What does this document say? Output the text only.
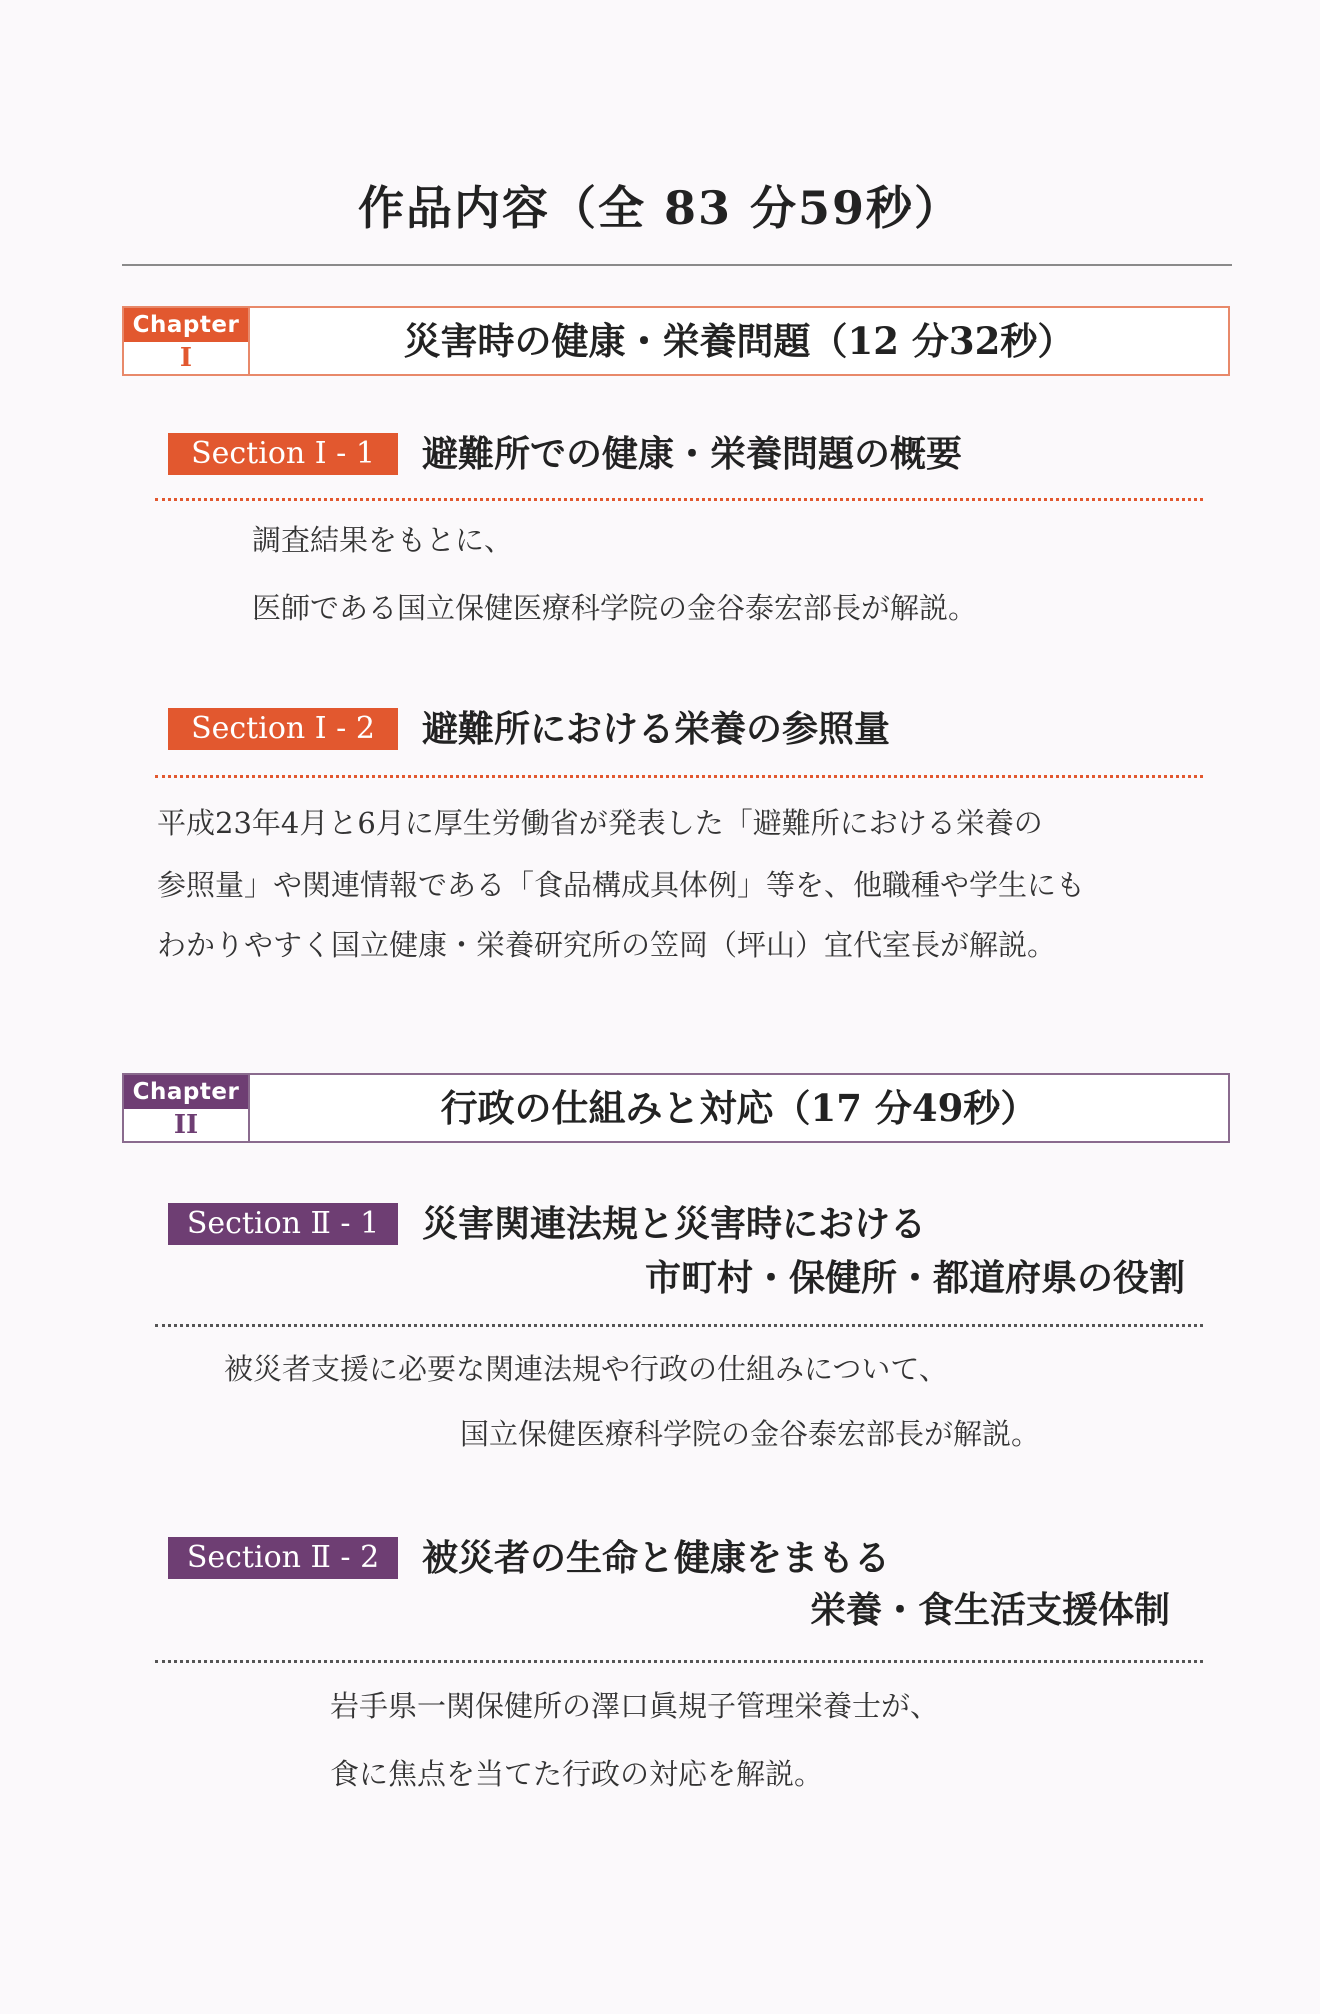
作品内容（全 83 分59秒）
Chapter
I	災害時の健康・栄養問題（12 分32秒）
Section Ⅰ - 1	避難所での健康・栄養問題の概要
調査結果をもとに、
医師である国立保健医療科学院の金谷泰宏部長が解説。
Section Ⅰ - 2	避難所における栄養の参照量
平成23年4月と6月に厚生労働省が発表した「避難所における栄養の
参照量」や関連情報である「食品構成具体例」等を、他職種や学生にも
わかりやすく国立健康・栄養研究所の笠岡（坪山）宜代室長が解説。
Chapter
II	行政の仕組みと対応（17 分49秒）
Section Ⅱ - 1	災害関連法規と災害時における
市町村・保健所・都道府県の役割
被災者支援に必要な関連法規や行政の仕組みについて、
国立保健医療科学院の金谷泰宏部長が解説。
Section Ⅱ - 2	被災者の生命と健康をまもる
栄養・食生活支援体制
岩手県一関保健所の澤口眞規子管理栄養士が、
食に焦点を当てた行政の対応を解説。
